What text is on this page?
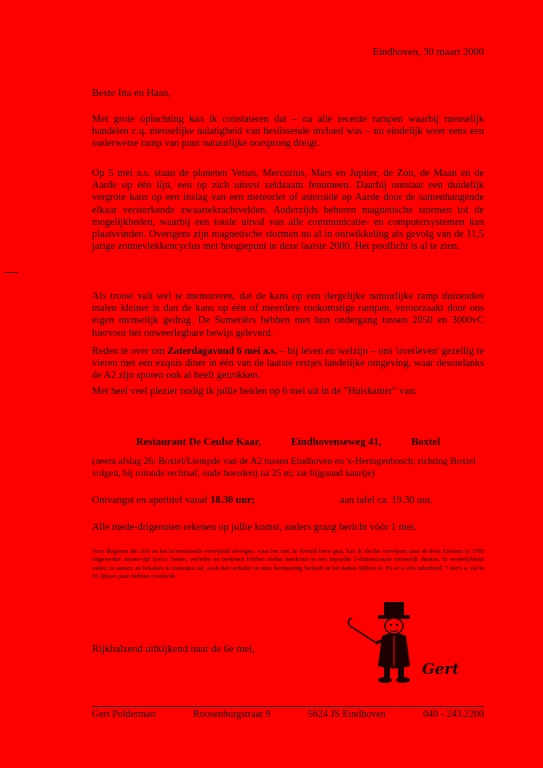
Eindhoven, 30 maart 2000
Beste Ina en Hans,

Met grote opluchting kan ik constateren dat – na alle recente rampen waarbij menselijk handelen c.q. menselijke nalatigheid van beslissende invloed was – nu eindelijk weer eens een ouderwetse ramp van puur natuurlijke oorsprong dreigt.

Op 5 mei a.s. staan de planeten Venus, Mercurius, Mars en Jupiter, de Zon, de Maan en de Aarde op één lijn, een op zich uiterst zeldzaam fenomeen. Daarbij ontstaat een duidelijk vergrote kans op een inslag van een meteoriet of asteroïde op Aarde door de samenhangende elkaar versterkende zwaartekrachtvelden. Anderzijds beheren magnetische stormen tot de mogelijkheden, waarbij een totale uitval van alle communicatie- en computersystemen kan plaatsvinden. Overigens zijn magnetische stormen nu al in ontwikkeling als gevolg van de 11,5 jarige zonnevlekkencyclus met hoogtepunt in deze laatste 2000. Het poollicht is al te zien.

Als troost valt wel te memoreren, dat de kans op een dergelijke natuurlijke ramp duizenden malen kleiner is dan de kans op één of meerdere rookomstige rampen, veroorzaakt door ons eigen menselijk gedrag. De Sumeriërs hebben met hun ondergang tussen 2050 en 3000vC hiervoor het onweerlegbare bewijs geleverd.

Reden te over om Zaterdagavond 6 mei a.s. – bij leven en welzijn – ons 'overleven' gezellig te vieren met een exquis diner in één van de laatste restjes landelijke omgeving, waar desondanks de A2 zijn sporen ook al heeft getrokken.

Met heel veel plezier nodig ik jullie beiden op 6 mei uit in de "Huiskamer" van:

Restaurant De Ceulse Kaar,	Eindhovenseweg 41,	Boxtel

(neem afslag 26: Boxtel/Liempde van de A2 tussen Eindhoven en 's-Hertogenbosch; richting Boxtel volgen, bij rotonde rechtsaf, oude hoerderij na 25 m; zie bijgaand kaartje)

Ontvangst en aperitief vanaf 18.30 uur;	aan tafel ca. 19.30 uur.
Alle mede-drigenoten rekenen op jullie komst, anders graag bericht vóór 1 mei.

Voor diegenen die zich na het bovenstaande verwijfeld afvragen, waar het met de Wereld heen gaat, kan ik slechts verwijzen naar de door Einstein in 1905 uitgewerkte ruimte-tijd fysica: heden, verleden en toekomst hebben alsdan betekenis in een bepaalde 3-dimensionale menselijk denken. In werkelijkheid vallen ze samen; en bekeken in toekomst zal, zoals het verleden in onze herinnering herleeft en het heden tijdloos is. En er is één zekerheid: 7 mei's a. zal ik 55 lijfjare jaren hebben overleefd.

Rijkhalzend uitkijkend naar de 6e mei,
Gert
Gert Polderman	Roosenburgstraat 9	5624 JS Eindhoven	040 - 243.2200
